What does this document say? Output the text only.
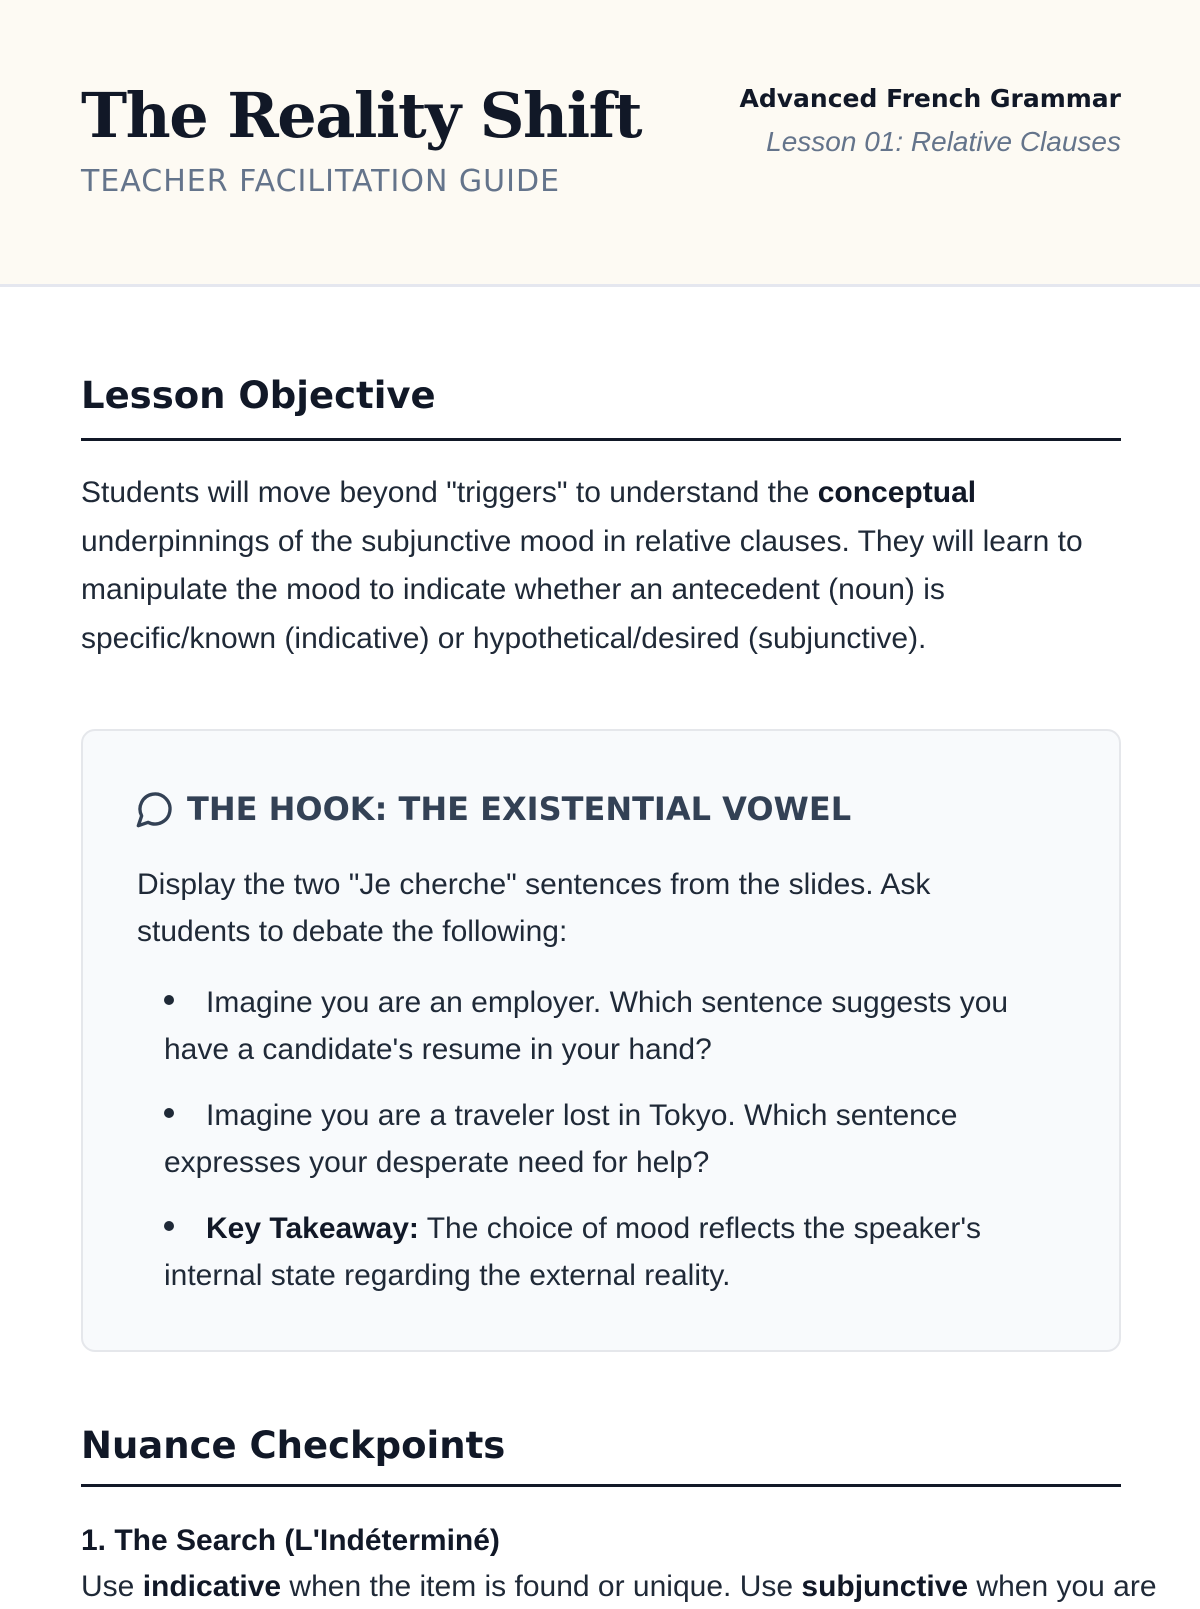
The Reality Shift
TEACHER FACILITATION GUIDE
Advanced French Grammar
Lesson 01: Relative Clauses
Lesson Objective

Students will move beyond "triggers" to understand the conceptual underpinnings of the subjunctive mood in relative clauses. They will learn to manipulate the mood to indicate whether an antecedent (noun) is specific/known (indicative) or hypothetical/desired (subjunctive).

THE HOOK: THE EXISTENTIAL VOWEL

Display the two "Je cherche" sentences from the slides. Ask students to debate the following:

Imagine you are an employer. Which sentence suggests you have a candidate's resume in your hand?
Imagine you are a traveler lost in Tokyo. Which sentence expresses your desperate need for help?
Key Takeaway: The choice of mood reflects the speaker's internal state regarding the external reality.
Nuance Checkpoints
1. The Search (L'Indéterminé)

Use indicative when the item is found or unique. Use subjunctive when you are
